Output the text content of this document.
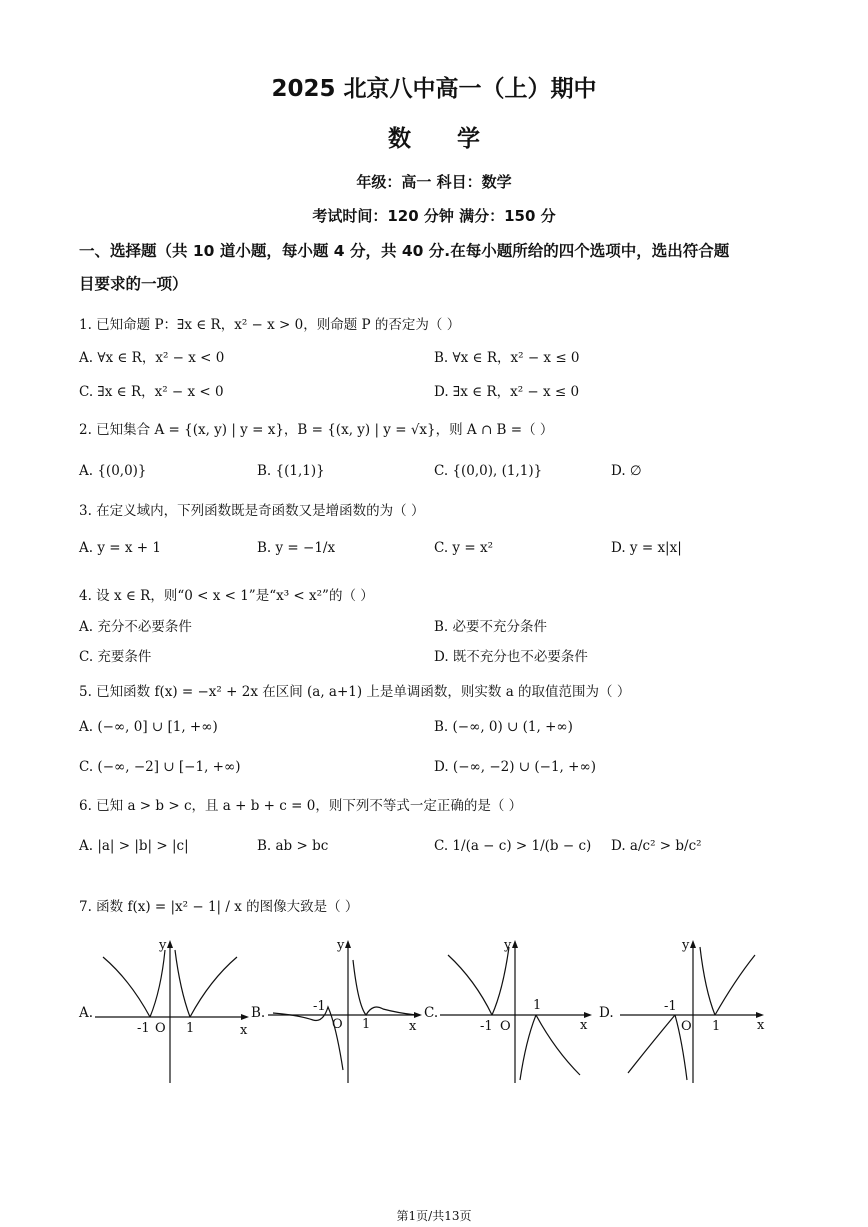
2025 北京八中高一（上）期中
数　　学
年级：高一 科目：数学
考试时间：120 分钟 满分：150 分
一、选择题（共 10 道小题，每小题 4 分，共 40 分.在每小题所给的四个选项中，选出符合题
目要求的一项）
1. 已知命题 P：∃x ∈ R，x² − x > 0，则命题 P 的否定为（ ）
A. ∀x ∈ R，x² − x < 0	B. ∀x ∈ R，x² − x ≤ 0
C. ∃x ∈ R，x² − x < 0	D. ∃x ∈ R，x² − x ≤ 0
2. 已知集合 A = {(x, y) | y = x}，B = {(x, y) | y = √x}，则 A ∩ B =（ ）
A. {(0,0)}	B. {(1,1)}	C. {(0,0), (1,1)}	D. ∅
3. 在定义域内，下列函数既是奇函数又是增函数的为（ ）
A. y = x + 1	B. y = −1/x	C. y = x²	D. y = x|x|
4. 设 x ∈ R，则“0 < x < 1”是“x³ < x²”的（ ）
A. 充分不必要条件	B. 必要不充分条件
C. 充要条件	D. 既不充分也不必要条件
5. 已知函数 f(x) = −x² + 2x 在区间 (a, a+1) 上是单调函数，则实数 a 的取值范围为（ ）
A. (−∞, 0] ∪ [1, +∞)	B. (−∞, 0) ∪ (1, +∞)
C. (−∞, −2] ∪ [−1, +∞)	D. (−∞, −2) ∪ (−1, +∞)
6. 已知 a > b > c，且 a + b + c = 0，则下列不等式一定正确的是（ ）
A. |a| > |b| > |c|	B. ab > bc	C. 1/(a − c) > 1/(b − c) D. a/c² > b/c²
7. 函数 f(x) = |x² − 1| / x 的图像大致是（ ）
A.	B.	C.	D.
y
x
O
-1	1
y
x
O
-1
1
y
x
O
-1
1
y
x
O
-1
1
第1页/共13页
